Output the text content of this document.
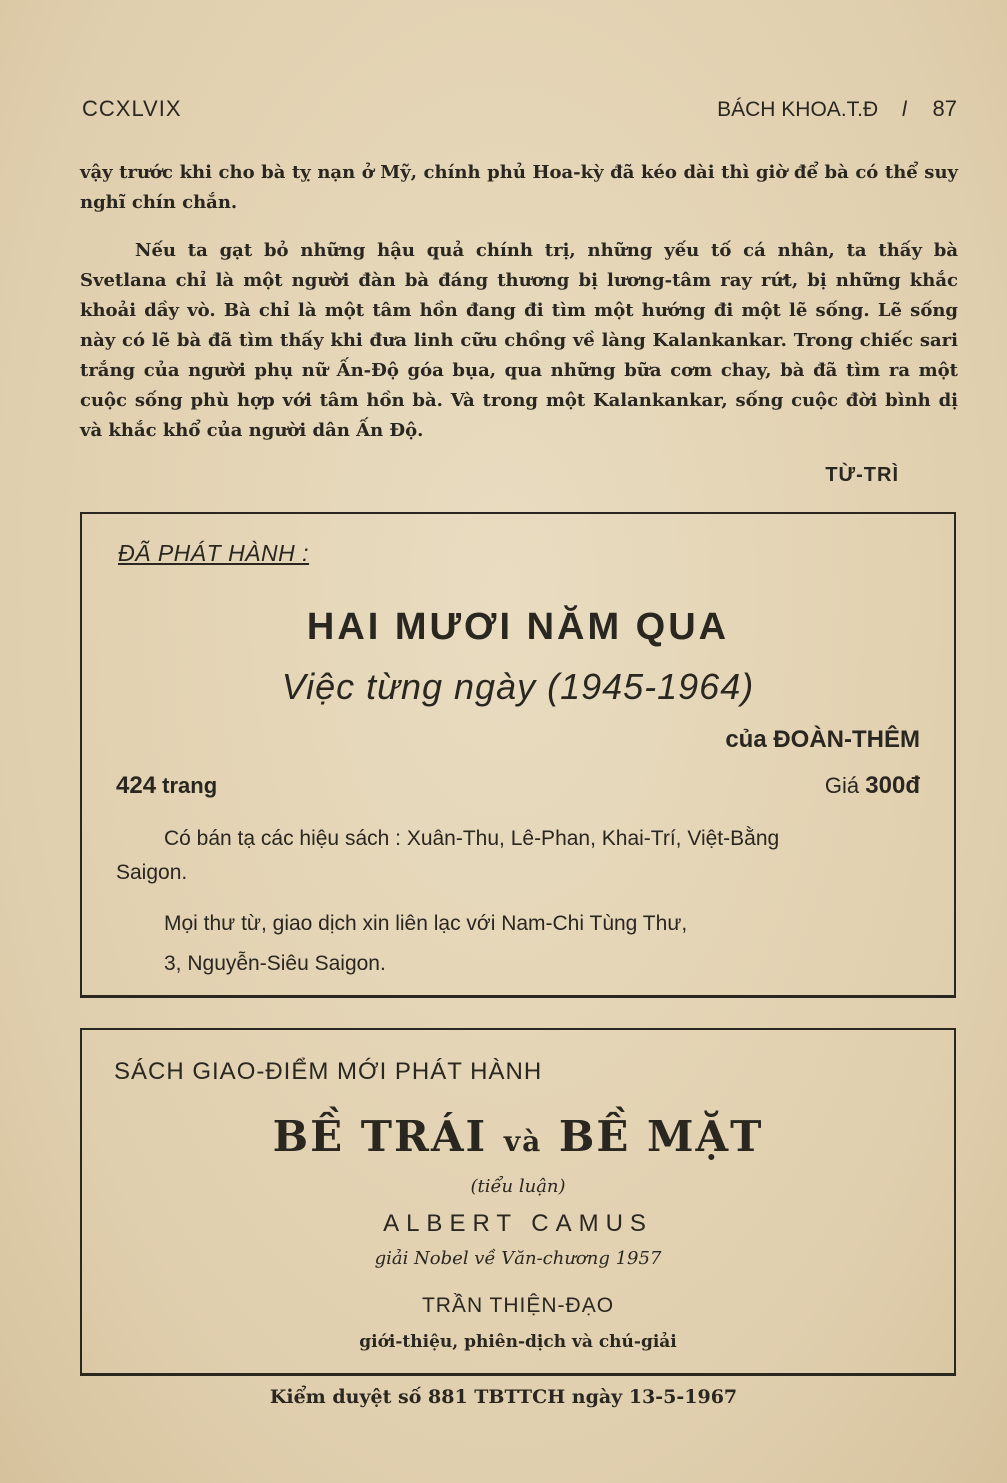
CCXLVIX	BÁCH KHOA.T.Đ l 87

vậy trước khi cho bà tỵ nạn ở Mỹ, chính phủ Hoa-kỳ đã kéo dài thì giờ để bà có thể suy nghĩ chín chắn.

Nếu ta gạt bỏ những hậu quả chính trị, những yếu tố cá nhân, ta thấy bà Svetlana chỉ là một người đàn bà đáng thương bị lương-tâm ray rứt, bị những khắc khoải dầy vò. Bà chỉ là một tâm hồn đang đi tìm một hướng đi một lẽ sống. Lẽ sống này có lẽ bà đã tìm thấy khi đưa linh cữu chồng về làng Kalankankar. Trong chiếc sari trắng của người phụ nữ Ấn-Độ góa bụa, qua những bữa cơm chay, bà đã tìm ra một cuộc sống phù hợp với tâm hồn bà. Và trong một Kalankankar, sống cuộc đời bình dị và khắc khổ của người dân Ấn Độ.

TỪ-TRÌ
ĐÃ PHÁT HÀNH :
HAI MƯƠI NĂM QUA
Việc từng ngày (1945-1964)
của ĐOÀN-THÊM
424 trang	Giá 300đ
Có bán tạ các hiệu sách : Xuân-Thu, Lê-Phan, Khai-Trí, Việt-Bằng
Saigon.
Mọi thư từ, giao dịch xin liên lạc với Nam-Chi Tùng Thư,
3, Nguyễn-Siêu Saigon.
SÁCH GIAO-ĐIỂM MỚI PHÁT HÀNH
BỀ TRÁI và BỀ MẶT
(tiểu luận)
ALBERT CAMUS
giải Nobel về Văn-chương 1957
TRẦN THIỆN-ĐẠO
giới-thiệu, phiên-dịch và chú-giải
Kiểm duyệt số 881 TBTTCH ngày 13-5-1967
